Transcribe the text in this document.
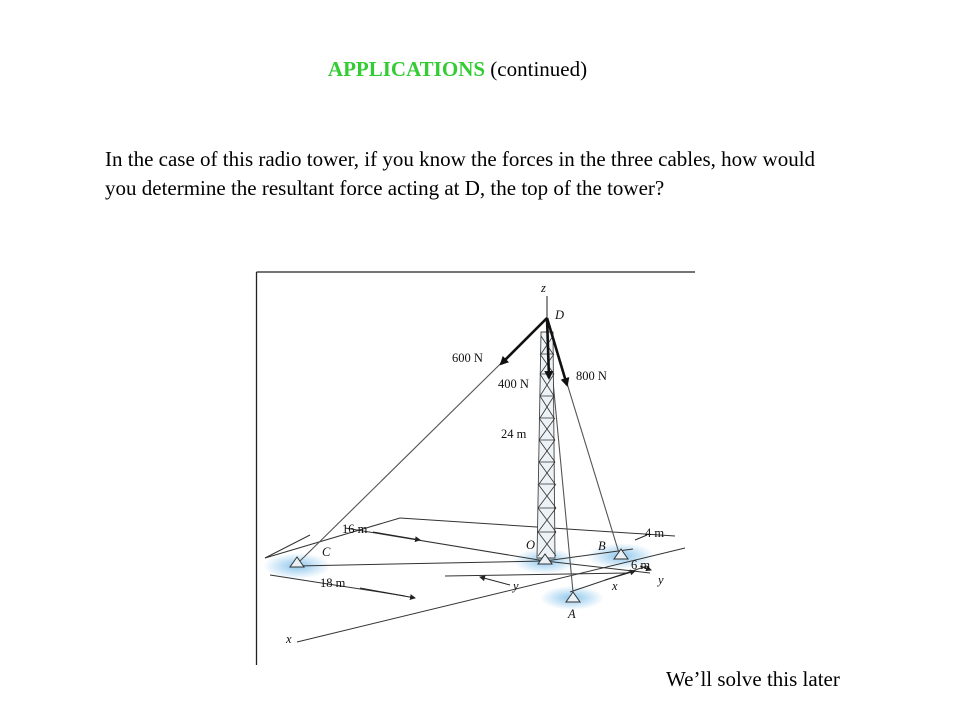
APPLICATIONS (continued)
In the case of this radio tower, if you know the forces in the three cables, how would you determine the resultant force acting at D, the top of the tower?
z
D
600 N
400 N
800 N
24 m
16 m
C
18 m
O	B
4 m
6 m
y
x
y
A
x
We’ll solve this later
